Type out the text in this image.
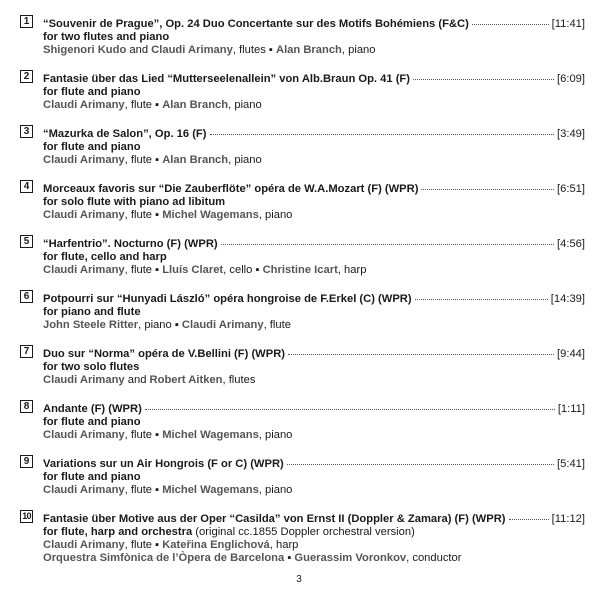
1	“Souvenir de Prague”, Op. 24 Duo Concertante sur des Motifs Bohémiens (F&C)	[11:41]
for two flutes and piano
Shigenori Kudo and Claudi Arimany, flutes ▪ Alan Branch, piano
2	Fantasie über das Lied “Mutterseelenallein” von Alb.Braun Op. 41 (F)	[6:09]
for flute and piano
Claudi Arimany, flute ▪ Alan Branch, piano
3	“Mazurka de Salon”, Op. 16 (F)	[3:49]
for flute and piano
Claudi Arimany, flute ▪ Alan Branch, piano
4	Morceaux favoris sur “Die Zauberflöte” opéra de W.A.Mozart (F) (WPR)	[6:51]
for solo flute with piano ad libitum
Claudi Arimany, flute ▪ Michel Wagemans, piano
5	“Harfentrio”. Nocturno (F) (WPR)	[4:56]
for flute, cello and harp
Claudi Arimany, flute ▪ Lluís Claret, cello ▪ Christine Icart, harp
6	Potpourri sur “Hunyadi László” opéra hongroise de F.Erkel (C) (WPR)	[14:39]
for piano and flute
John Steele Ritter, piano ▪ Claudi Arimany, flute
7	Duo sur “Norma” opéra de V.Bellini (F) (WPR)	[9:44]
for two solo flutes
Claudi Arimany and Robert Aitken, flutes
8	Andante (F) (WPR)	[1:11]
for flute and piano
Claudi Arimany, flute ▪ Michel Wagemans, piano
9	Variations sur un Air Hongrois (F or C) (WPR)	[5:41]
for flute and piano
Claudi Arimany, flute ▪ Michel Wagemans, piano
10 Fantasie über Motive aus der Oper “Casilda” von Ernst II (Doppler & Zamara) (F) (WPR)	[11:12]
for flute, harp and orchestra (original cc.1855 Doppler orchestral version)
Claudi Arimany, flute ▪ Kateřina Englichová, harp
Orquestra Simfònica de l’Òpera de Barcelona ▪ Guerassim Voronkov, conductor
3
